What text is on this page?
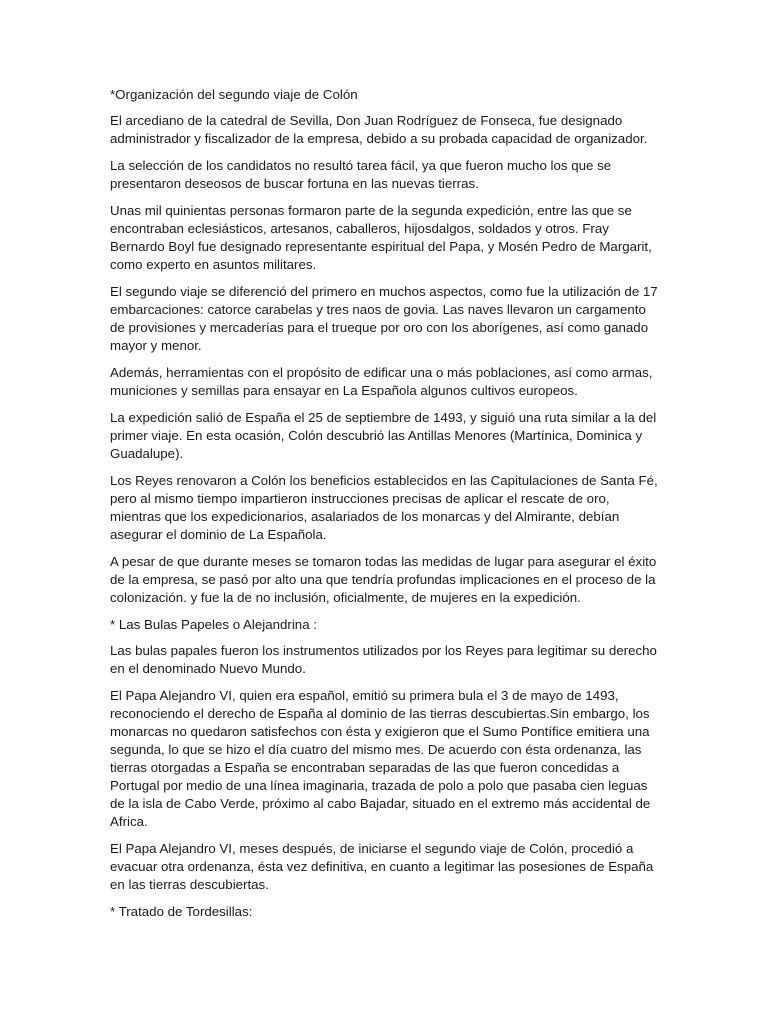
*Organización del segundo viaje de Colón

El arcediano de la catedral de Sevilla, Don Juan Rodríguez de Fonseca, fue designado administrador y fiscalizador de la empresa, debido a su probada capacidad de organizador.

La selección de los candidatos no resultó tarea fácil, ya que fueron mucho los que se presentaron deseosos de buscar fortuna en las nuevas tierras.

Unas mil quinientas personas formaron parte de la segunda expedición, entre las que se encontraban eclesiásticos, artesanos, caballeros, hijosdalgos, soldados y otros. Fray Bernardo Boyl fue designado representante espiritual del Papa, y Mosén Pedro de Margarit, como experto en asuntos militares.

El segundo viaje se diferenció del primero en muchos aspectos, como fue la utilización de 17 embarcaciones: catorce carabelas y tres naos de govia. Las naves llevaron un cargamento de provisiones y mercaderías para el trueque por oro con los aborígenes, así como ganado mayor y menor.

Además, herramientas con el propósito de edificar una o más poblaciones, así como armas, municiones y semillas para ensayar en La Española algunos cultivos europeos.

La expedición salió de España el 25 de septiembre de 1493, y siguió una ruta similar a la del primer viaje. En esta ocasión, Colón descubrió las Antillas Menores (Martínica, Dominica y Guadalupe).

Los Reyes renovaron a Colón los beneficios establecidos en las Capitulaciones de Santa Fé, pero al mismo tiempo impartieron instrucciones precisas de aplicar el rescate de oro, mientras que los expedicionarios, asalariados de los monarcas y del Almirante, debían asegurar el dominio de La Española.

A pesar de que durante meses se tomaron todas las medidas de lugar para asegurar el éxito de la empresa, se pasó por alto una que tendría profundas implicaciones en el proceso de la colonización. y fue la de no inclusión, oficialmente, de mujeres en la expedición.

* Las Bulas Papeles o Alejandrina :

Las bulas papales fueron los instrumentos utilizados por los Reyes para legitimar su derecho en el denominado Nuevo Mundo.

El Papa Alejandro VI, quien era español, emitió su primera bula el 3 de mayo de 1493, reconociendo el derecho de España al dominio de las tierras descubiertas.Sin embargo, los monarcas no quedaron satisfechos con ésta y exigieron que el Sumo Pontífice emitiera una segunda, lo que se hizo el día cuatro del mismo mes. De acuerdo con ésta ordenanza, las tierras otorgadas a España se encontraban separadas de las que fueron concedidas a Portugal por medio de una línea imaginaria, trazada de polo a polo que pasaba cien leguas de la isla de Cabo Verde, próximo al cabo Bajadar, situado en el extremo más accidental de Africa.

El Papa Alejandro VI, meses después, de iniciarse el segundo viaje de Colón, procedió a evacuar otra ordenanza, ésta vez definitiva, en cuanto a legitimar las posesiones de España en las tierras descubiertas.

* Tratado de Tordesillas:
